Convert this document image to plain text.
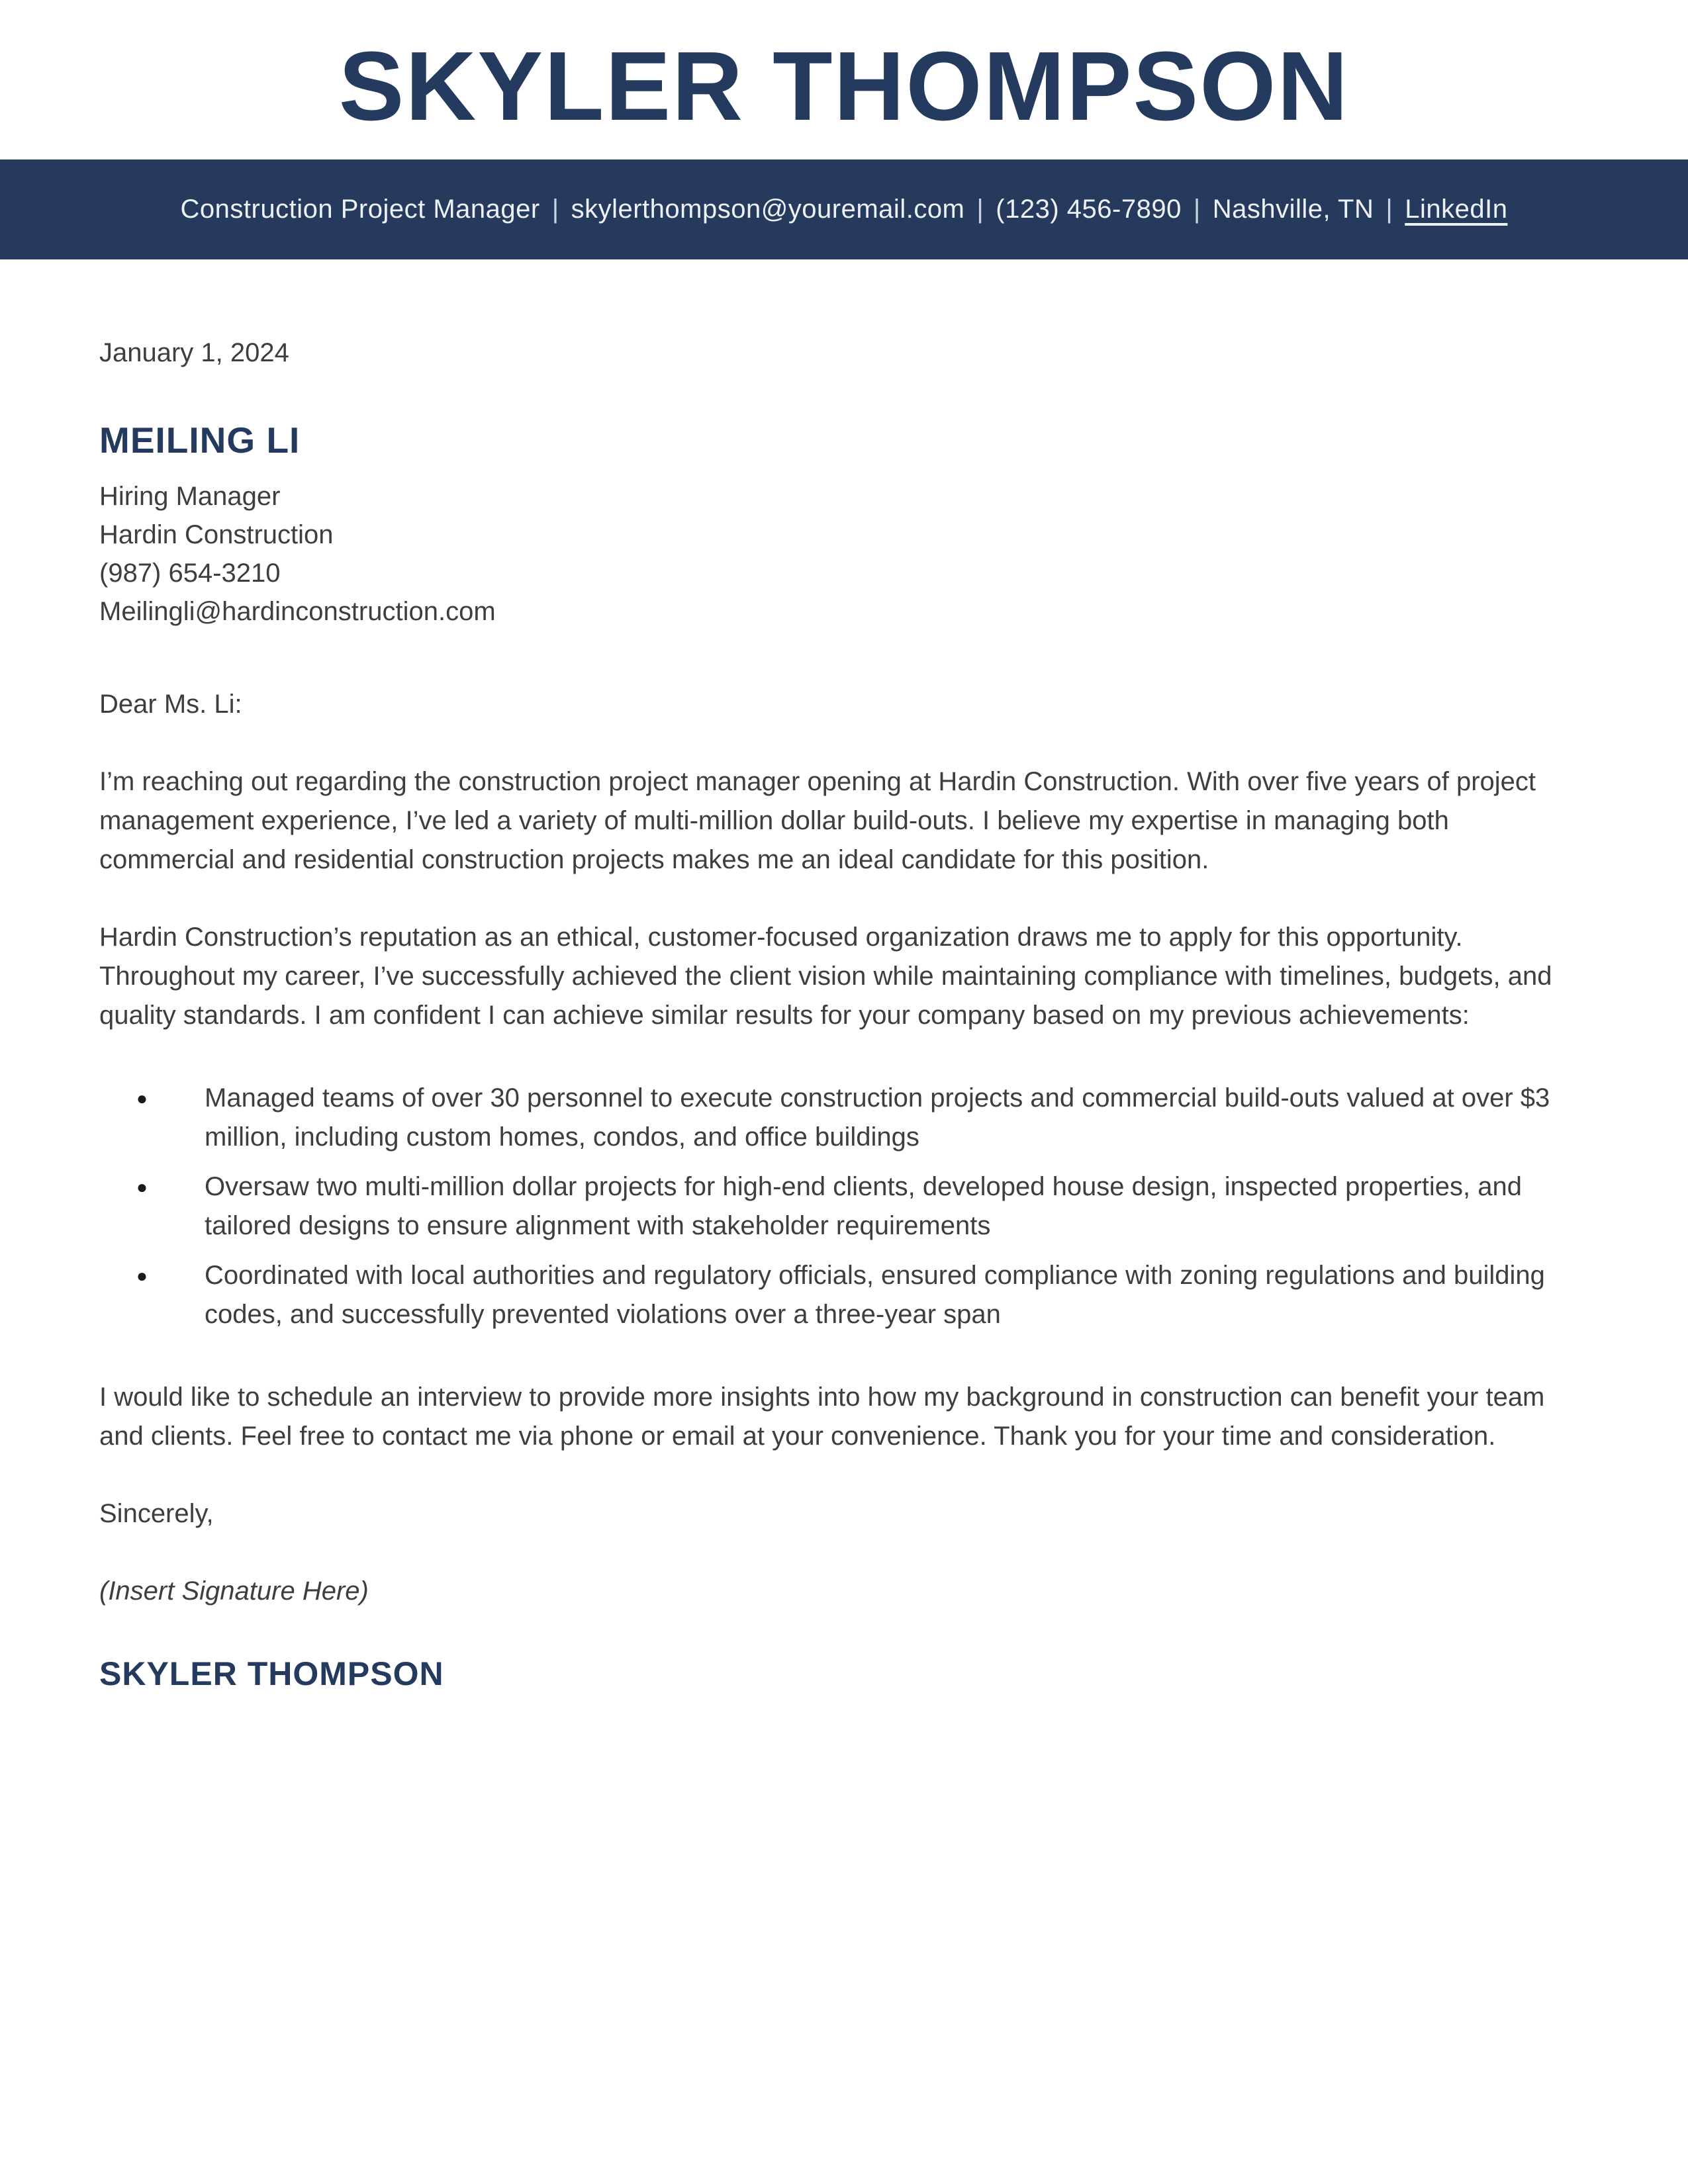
SKYLER THOMPSON
Construction Project Manager | skylerthompson@youremail.com | (123) 456-7890 | Nashville, TN | LinkedIn
January 1, 2024
MEILING LI
Hiring Manager
Hardin Construction
(987) 654-3210
Meilingli@hardinconstruction.com
Dear Ms. Li:
I’m reaching out regarding the construction project manager opening at Hardin Construction. With over five years of project management experience, I’ve led a variety of multi-million dollar build-outs. I believe my expertise in managing both commercial and residential construction projects makes me an ideal candidate for this position.
Hardin Construction’s reputation as an ethical, customer-focused organization draws me to apply for this opportunity. Throughout my career, I’ve successfully achieved the client vision while maintaining compliance with timelines, budgets, and quality standards. I am confident I can achieve similar results for your company based on my previous achievements:
●	Managed teams of over 30 personnel to execute construction projects and commercial build-outs valued at over $3 million, including custom homes, condos, and office buildings
●	Oversaw two multi-million dollar projects for high-end clients, developed house design, inspected properties, and tailored designs to ensure alignment with stakeholder requirements
●	Coordinated with local authorities and regulatory officials, ensured compliance with zoning regulations and building codes, and successfully prevented violations over a three-year span
I would like to schedule an interview to provide more insights into how my background in construction can benefit your team and clients. Feel free to contact me via phone or email at your convenience. Thank you for your time and consideration.
Sincerely,
(Insert Signature Here)
SKYLER THOMPSON
